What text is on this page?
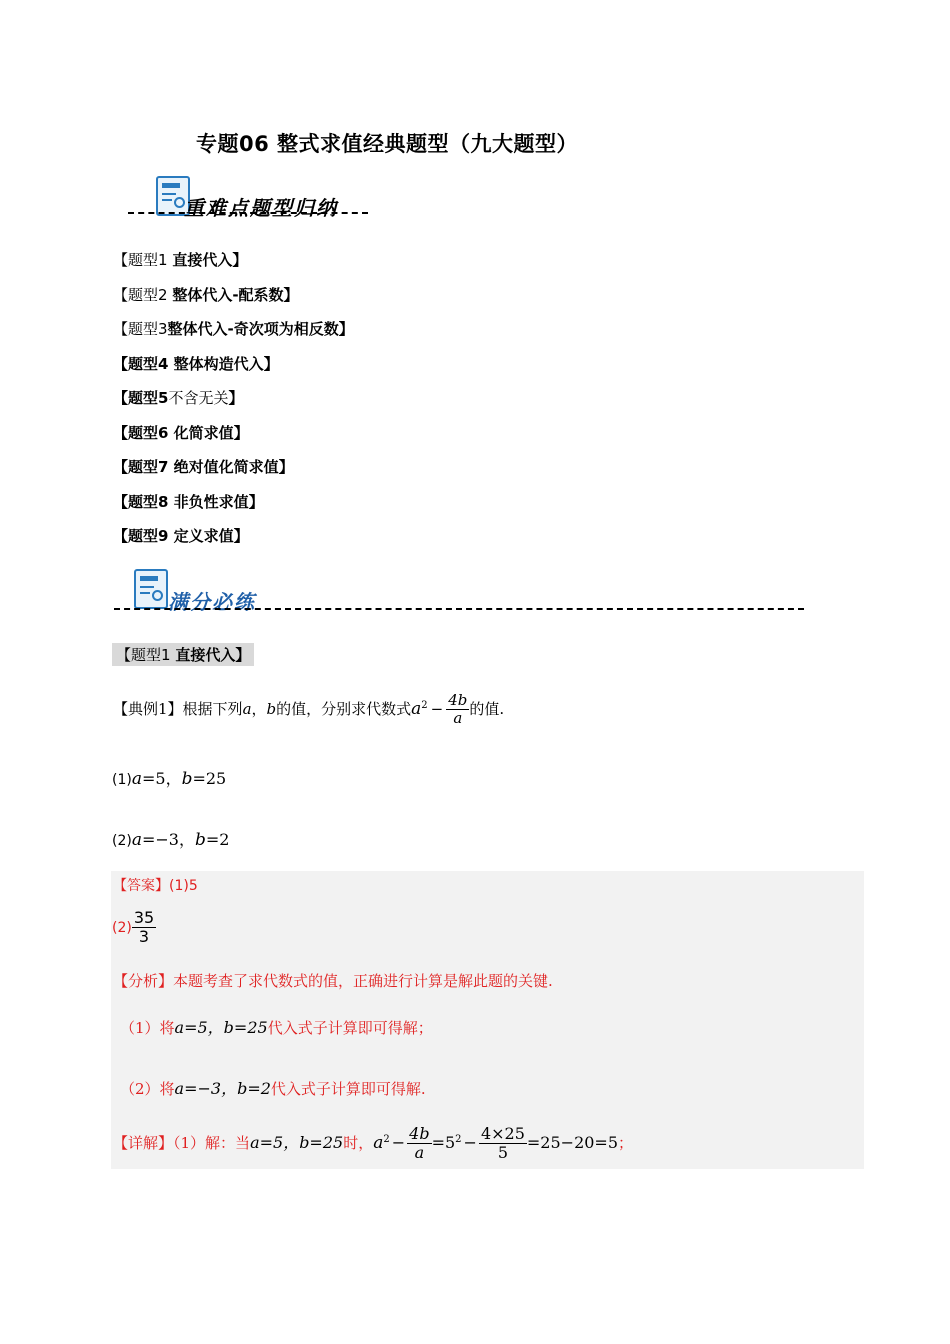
专题06 整式求值经典题型（九大题型）
重难点题型归纳
【题型1 直接代入】
【题型2 整体代入-配系数】
【题型3整体代入-奇次项为相反数】
【题型4 整体构造代入】
【题型5不含无关】
【题型6 化简求值】
【题型7 绝对值化简求值】
【题型8 非负性求值】
【题型9 定义求值】
满分必练
【题型1 直接代入】
【典例1】根据下列a，b的值，分别求代数式$a^2 - \frac{4b}{a}$ 的值.
(1)a=5，b=25
(2)a=−3，b=2
【答案】(1)5
$(2) \frac{35}{3}$
【分析】本题考查了求代数式的值，正确进行计算是解此题的关键.
（1）将a=5，b=25代入式子计算即可得解；
（2）将a=−3，b=2代入式子计算即可得解.
【详解】（1）解：当a=5，b=25时，$a^2 - \frac{4b}{a} =5^2 - \frac{4\times 25}{5} =25-20=5$；
